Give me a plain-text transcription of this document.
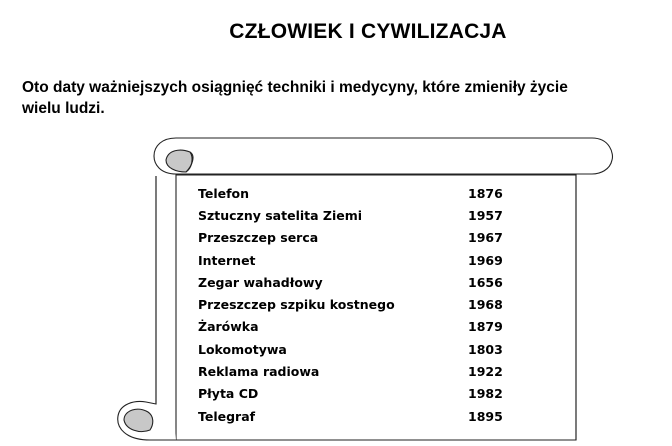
CZŁOWIEK I CYWILIZACJA
Oto daty ważniejszych osiągnięć techniki i medycyny, które zmieniły życie
wielu ludzi.
Telefon	1876
Sztuczny satelita Ziemi	1957
Przeszczep serca	1967
Internet	1969
Zegar wahadłowy	1656
Przeszczep szpiku kostnego	1968
Żarówka	1879
Lokomotywa	1803
Reklama radiowa	1922
Płyta CD	1982
Telegraf	1895
